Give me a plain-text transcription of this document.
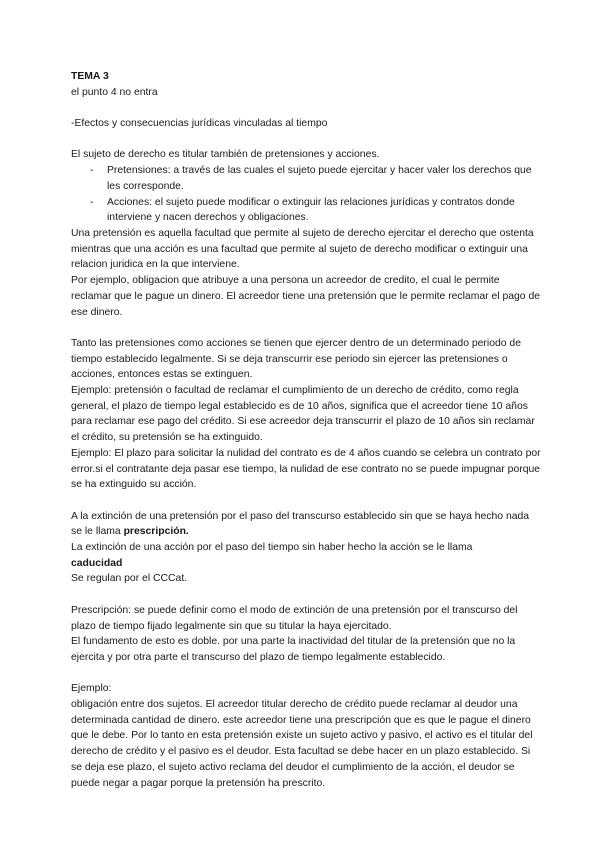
TEMA 3

el punto 4 no entra

-Efectos y consecuencias jurídicas vinculadas al tiempo

El sujeto de derecho es titular también de pretensiones y acciones.

- Pretensiones: a través de las cuales el sujeto puede ejercitar y hacer valer los derechos que les corresponde.
- Acciones: el sujeto puede modificar o extinguir las relaciones jurídicas y contratos donde interviene y nacen derechos y obligaciones.

Una pretensión es aquella facultad que permite al sujeto de derecho ejercitar el derecho que ostenta mientras que una acción es una facultad que permite al sujeto de derecho modificar o extinguir una relacion juridica en la que interviene.

Por ejemplo, obligacion que atribuye a una persona un acreedor de credito, el cual le permite reclamar que le pague un dinero. El acreedor tiene una pretensión que le permite reclamar el pago de ese dinero.

Tanto las pretensiones como acciones se tienen que ejercer dentro de un determinado periodo de tiempo establecido legalmente. Si se deja transcurrir ese periodo sin ejercer las pretensiones o acciones, entonces estas se extinguen.

Ejemplo: pretensión o facultad de reclamar el cumplimiento de un derecho de crédito, como regla general, el plazo de tiempo legal establecido es de 10 años, significa que el acreedor tiene 10 años para reclamar ese pago del crédito. Si ese acreedor deja transcurrir el plazo de 10 años sin reclamar el crédito, su pretensión se ha extinguido.

Ejemplo: El plazo para solicitar la nulidad del contrato es de 4 años cuando se celebra un contrato por error.si el contratante deja pasar ese tiempo, la nulidad de ese contrato no se puede impugnar porque se ha extinguido su acción.

A la extinción de una pretensión por el paso del transcurso establecido sin que se haya hecho nada se le llama prescripción.

La extinción de una acción por el paso del tiempo sin haber hecho la acción se le llama

caducidad

Se regulan por el CCCat.

Prescripción: se puede definir como el modo de extinción de una pretensión por el transcurso del plazo de tiempo fijado legalmente sin que su titular la haya ejercitado.

El fundamento de esto es doble. por una parte la inactividad del titular de la pretensión que no la ejercita y por otra parte el transcurso del plazo de tiempo legalmente establecido.

Ejemplo:

obligación entre dos sujetos. El acreedor titular derecho de crédito puede reclamar al deudor una determinada cantidad de dinero. este acreedor tiene una prescripción que es que le pague el dinero que le debe. Por lo tanto en esta pretensión existe un sujeto activo y pasivo, el activo es el titular del derecho de crédito y el pasivo es el deudor. Esta facultad se debe hacer en un plazo establecido. Si se deja ese plazo, el sujeto activo reclama del deudor el cumplimiento de la acción, el deudor se puede negar a pagar porque la pretensión ha prescrito.
